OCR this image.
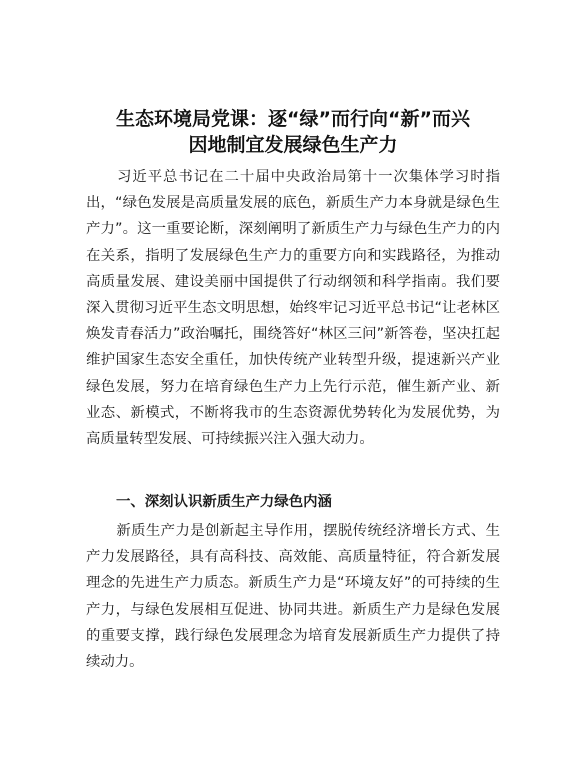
生态环境局党课：逐“绿”而行向“新”而兴
因地制宜发展绿色生产力

习近平总书记在二十届中央政治局第十一次集体学习时指出，“绿色发展是高质量发展的底色，新质生产力本身就是绿色生产力”。这一重要论断，深刻阐明了新质生产力与绿色生产力的内在关系，指明了发展绿色生产力的重要方向和实践路径，为推动高质量发展、建设美丽中国提供了行动纲领和科学指南。我们要深入贯彻习近平生态文明思想，始终牢记习近平总书记“让老林区焕发青春活力”政治嘱托，围绕答好“林区三问”新答卷，坚决扛起维护国家生态安全重任，加快传统产业转型升级，提速新兴产业绿色发展，努力在培育绿色生产力上先行示范，催生新产业、新业态、新模式，不断将我市的生态资源优势转化为发展优势，为高质量转型发展、可持续振兴注入强大动力。

一、深刻认识新质生产力绿色内涵

新质生产力是创新起主导作用，摆脱传统经济增长方式、生产力发展路径，具有高科技、高效能、高质量特征，符合新发展理念的先进生产力质态。新质生产力是“环境友好”的可持续的生产力，与绿色发展相互促进、协同共进。新质生产力是绿色发展的重要支撑，践行绿色发展理念为培育发展新质生产力提供了持续动力。
